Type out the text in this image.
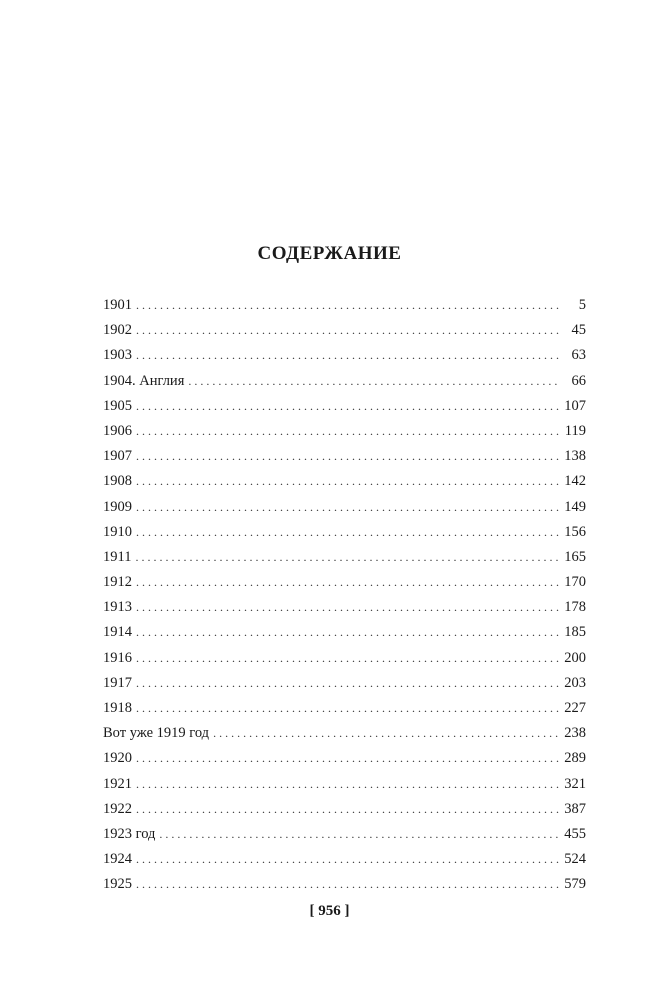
СОДЕРЖАНИЕ
1901 . . .	5
1902 . . .	45
1903 . . .	63
1904. Англия . . .	66
1905 . . .	107
1906 . . .	119
1907 . . .	138
1908 . . .	142
1909 . . .	149
1910 . . .	156
1911 . . .	165
1912 . . .	170
1913 . . .	178
1914 . . .	185
1916 . . .	200
1917 . . .	203
1918 . . .	227
Вот уже 1919 год . . .	238
1920 . . .	289
1921 . . .	321
1922 . . .	387
1923 год . . .	455
1924 . . .	524
1925 . . .	579
[ 956 ]
